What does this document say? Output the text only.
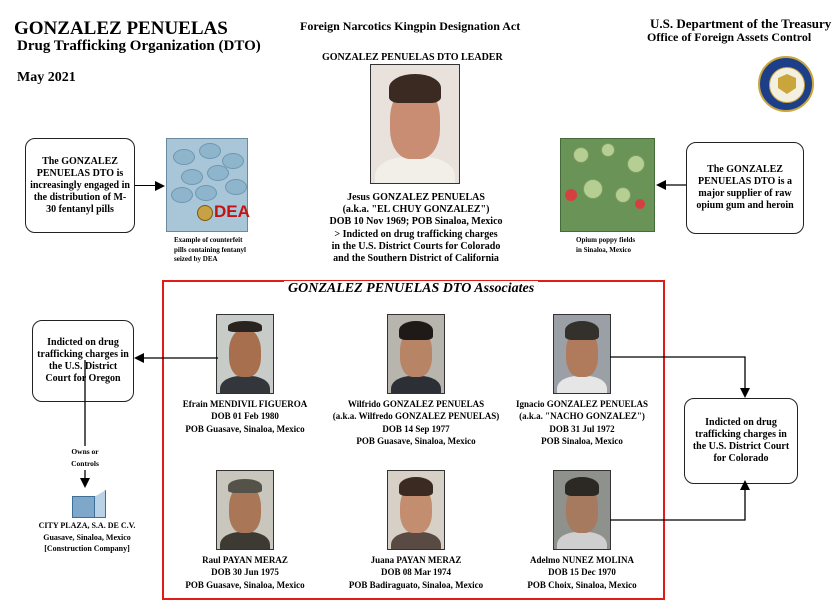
GONZALEZ PENUELAS
Drug Trafficking Organization (DTO)
May 2021
Foreign Narcotics Kingpin Designation Act	U.S. Department of the Treasury
Office of Foreign Assets Control
GONZALEZ PENUELAS DTO LEADER
Jesus GONZALEZ PENUELAS
(a.k.a. "EL CHUY GONZALEZ")
DOB 10 Nov 1969; POB Sinaloa, Mexico
> Indicted on drug trafficking charges
in the U.S. District Courts for Colorado
and the Southern District of California
The GONZALEZ PENUELAS DTO is increasingly engaged in the distribution of M-30 fentanyl pills	DEA
Example of counterfeit
pills containing fentanyl
seized by DEA
Opium poppy fields
in Sinaloa, Mexico
The GONZALEZ PENUELAS DTO is a major supplier of raw opium gum and heroin
GONZALEZ PENUELAS DTO Associates
Efrain MENDIVIL FIGUEROA
DOB 01 Feb 1980
POB Guasave, Sinaloa, Mexico
Wilfrido GONZALEZ PENUELAS
(a.k.a. Wilfredo GONZALEZ PENUELAS)
DOB 14 Sep 1977
POB Guasave, Sinaloa, Mexico
Ignacio GONZALEZ PENUELAS
(a.k.a. "NACHO GONZALEZ")
DOB 31 Jul 1972
POB Sinaloa, Mexico
Raul PAYAN MERAZ
DOB 30 Jun 1975
POB Guasave, Sinaloa, Mexico
Juana PAYAN MERAZ
DOB 08 Mar 1974
POB Badiraguato, Sinaloa, Mexico
Adelmo NUNEZ MOLINA
DOB 15 Dec 1970
POB Choix, Sinaloa, Mexico
Indicted on drug trafficking charges in the U.S. District Court for Oregon
Owns or
Controls
CITY PLAZA, S.A. DE C.V.
Guasave, Sinaloa, Mexico
[Construction Company]
Indicted on drug trafficking charges in the U.S. District Court for Colorado
